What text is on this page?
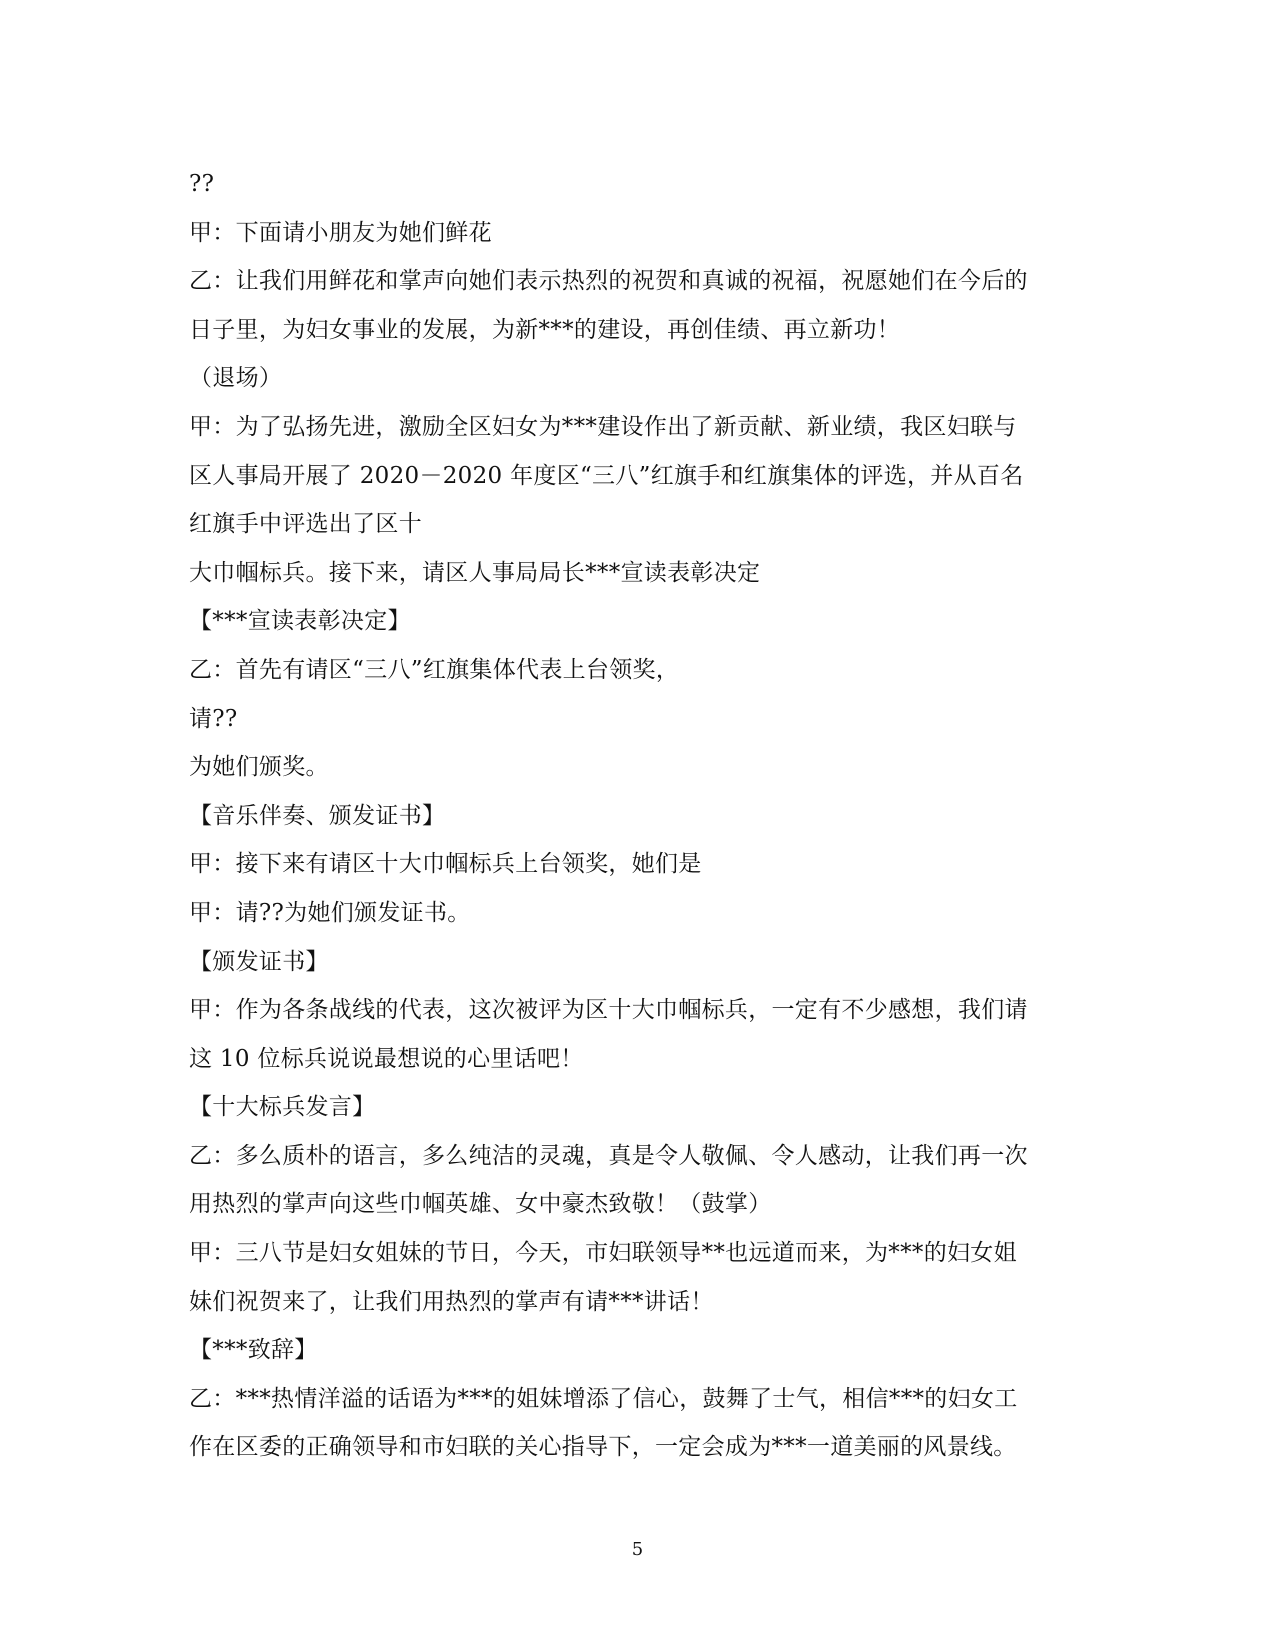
??
甲：下面请小朋友为她们鲜花
乙：让我们用鲜花和掌声向她们表示热烈的祝贺和真诚的祝福，祝愿她们在今后的
日子里，为妇女事业的发展，为新***的建设，再创佳绩、再立新功！
（退场）
甲：为了弘扬先进，激励全区妇女为***建设作出了新贡献、新业绩，我区妇联与
区人事局开展了 2020－2020 年度区“三八”红旗手和红旗集体的评选，并从百名
红旗手中评选出了区十
大巾帼标兵。接下来，请区人事局局长***宣读表彰决定
【***宣读表彰决定】
乙：首先有请区“三八”红旗集体代表上台领奖，
请??
为她们颁奖。
【音乐伴奏、颁发证书】
甲：接下来有请区十大巾帼标兵上台领奖，她们是
甲：请??为她们颁发证书。
【颁发证书】
甲：作为各条战线的代表，这次被评为区十大巾帼标兵，一定有不少感想，我们请
这 10 位标兵说说最想说的心里话吧！
【十大标兵发言】
乙：多么质朴的语言，多么纯洁的灵魂，真是令人敬佩、令人感动，让我们再一次
用热烈的掌声向这些巾帼英雄、女中豪杰致敬！（鼓掌）
甲：三八节是妇女姐妹的节日，今天，市妇联领导**也远道而来，为***的妇女姐
妹们祝贺来了，让我们用热烈的掌声有请***讲话！
【***致辞】
乙：***热情洋溢的话语为***的姐妹增添了信心，鼓舞了士气，相信***的妇女工
作在区委的正确领导和市妇联的关心指导下，一定会成为***一道美丽的风景线。
5
